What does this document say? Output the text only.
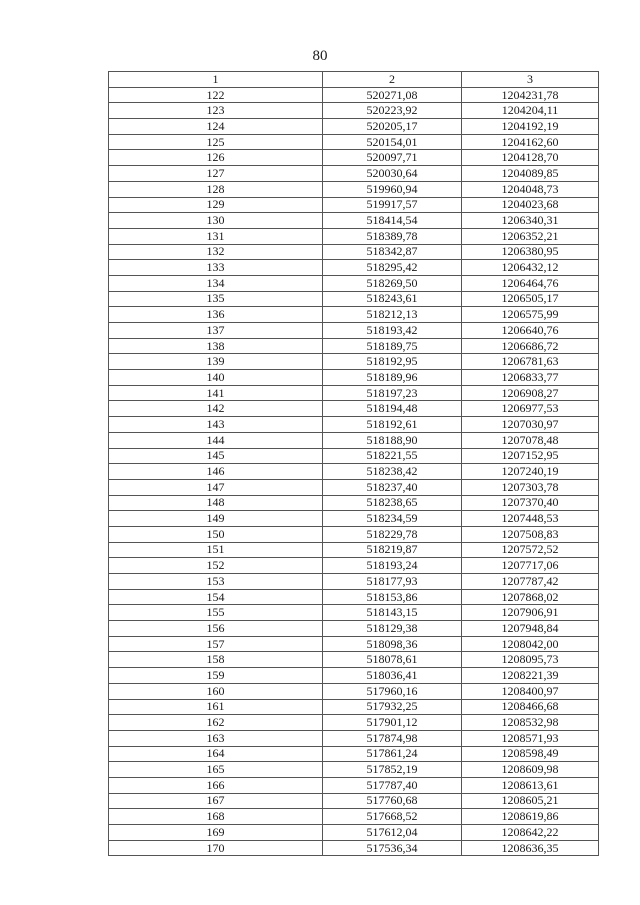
80
1	2	3
122	520271,08	1204231,78
123	520223,92	1204204,11
124	520205,17	1204192,19
125	520154,01	1204162,60
126	520097,71	1204128,70
127	520030,64	1204089,85
128	519960,94	1204048,73
129	519917,57	1204023,68
130	518414,54	1206340,31
131	518389,78	1206352,21
132	518342,87	1206380,95
133	518295,42	1206432,12
134	518269,50	1206464,76
135	518243,61	1206505,17
136	518212,13	1206575,99
137	518193,42	1206640,76
138	518189,75	1206686,72
139	518192,95	1206781,63
140	518189,96	1206833,77
141	518197,23	1206908,27
142	518194,48	1206977,53
143	518192,61	1207030,97
144	518188,90	1207078,48
145	518221,55	1207152,95
146	518238,42	1207240,19
147	518237,40	1207303,78
148	518238,65	1207370,40
149	518234,59	1207448,53
150	518229,78	1207508,83
151	518219,87	1207572,52
152	518193,24	1207717,06
153	518177,93	1207787,42
154	518153,86	1207868,02
155	518143,15	1207906,91
156	518129,38	1207948,84
157	518098,36	1208042,00
158	518078,61	1208095,73
159	518036,41	1208221,39
160	517960,16	1208400,97
161	517932,25	1208466,68
162	517901,12	1208532,98
163	517874,98	1208571,93
164	517861,24	1208598,49
165	517852,19	1208609,98
166	517787,40	1208613,61
167	517760,68	1208605,21
168	517668,52	1208619,86
169	517612,04	1208642,22
170	517536,34	1208636,35
